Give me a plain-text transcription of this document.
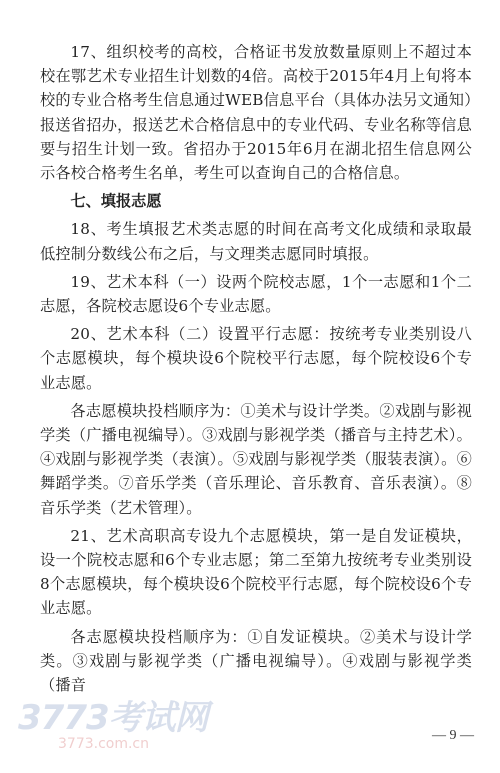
17、组织校考的高校，合格证书发放数量原则上不超过本校在鄂艺术专业招生计划数的4倍。高校于2015年4月上旬将本校的专业合格考生信息通过WEB信息平台（具体办法另文通知）报送省招办，报送艺术合格信息中的专业代码、专业名称等信息要与招生计划一致。省招办于2015年6月在湖北招生信息网公示各校合格考生名单，考生可以查询自己的合格信息。

七、填报志愿

18、考生填报艺术类志愿的时间在高考文化成绩和录取最低控制分数线公布之后，与文理类志愿同时填报。

19、艺术本科（一）设两个院校志愿，1个一志愿和1个二志愿，各院校志愿设6个专业志愿。

20、艺术本科（二）设置平行志愿：按统考专业类别设八个志愿模块，每个模块设6个院校平行志愿，每个院校设6个专业志愿。

各志愿模块投档顺序为：①美术与设计学类。②戏剧与影视学类（广播电视编导）。③戏剧与影视学类（播音与主持艺术）。④戏剧与影视学类（表演）。⑤戏剧与影视学类（服装表演）。⑥舞蹈学类。⑦音乐学类（音乐理论、音乐教育、音乐表演）。⑧音乐学类（艺术管理）。

21、艺术高职高专设九个志愿模块，第一是自发证模块，设一个院校志愿和6个专业志愿；第二至第九按统考专业类别设8个志愿模块，每个模块设6个院校平行志愿，每个院校设6个专业志愿。

各志愿模块投档顺序为：①自发证模块。②美术与设计学类。③戏剧与影视学类（广播电视编导）。④戏剧与影视学类（播音

3773考试网
3773.com.cn
— 9 —
